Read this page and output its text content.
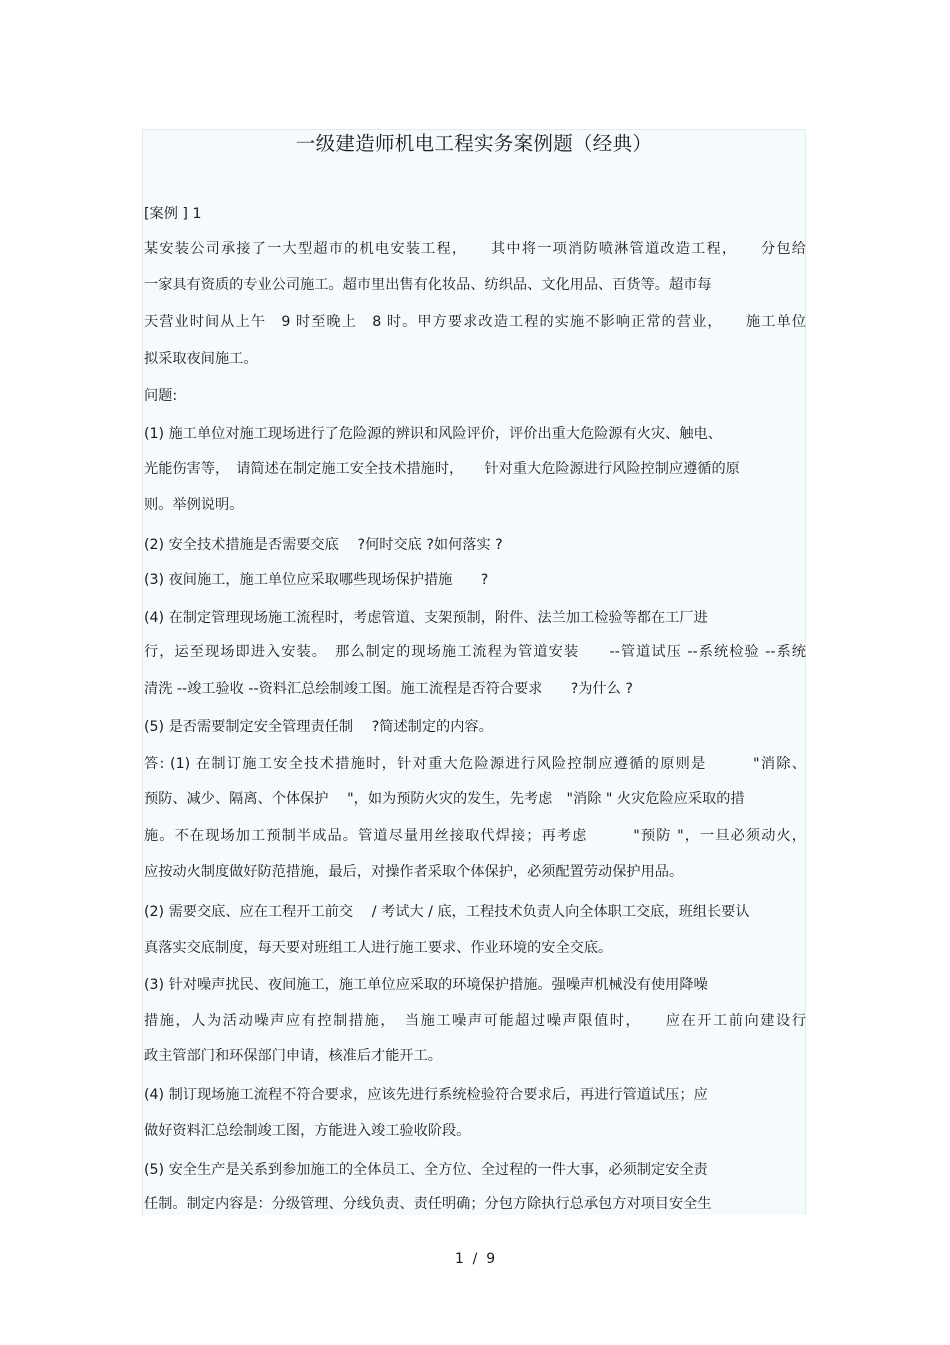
一级建造师机电工程实务案例题（经典）
[案例 ] 1
某安装公司承接了一大型超市的机电安装工程，　　其中将一项消防喷淋管道改造工程，　　分包给
一家具有资质的专业公司施工。超市里出售有化妆品、纺织品、文化用品、百货等。超市每
天营业时间从上午　9 时至晚上　8 时。甲方要求改造工程的实施不影响正常的营业，　　施工单位
拟采取夜间施工。
问题:
(1) 施工单位对施工现场进行了危险源的辨识和风险评价，评价出重大危险源有火灾、触电、
光能伤害等，　请简述在制定施工安全技术措施时，　　针对重大危险源进行风险控制应遵循的原
则。举例说明。
(2) 安全技术措施是否需要交底　 ?何时交底 ?如何落实 ?
(3) 夜间施工，施工单位应采取哪些现场保护措施　　?
(4) 在制定管理现场施工流程时，考虑管道、支架预制，附件、法兰加工检验等都在工厂进
行，运至现场即进入安装。　那么制定的现场施工流程为管道安装　　--管道试压 --系统检验 --系统
清洗 --竣工验收 --资料汇总绘制竣工图。施工流程是否符合要求　　?为什么 ?
(5) 是否需要制定安全管理责任制　 ?简述制定的内容。
答: (1) 在制订施工安全技术措施时，针对重大危险源进行风险控制应遵循的原则是　　　"消除、
预防、减少、隔离、个体保护　 "，如为预防火灾的发生，先考虑　"消除 " 火灾危险应采取的措
施。不在现场加工预制半成品。管道尽量用丝接取代焊接；再考虑　　　"预防 "，一旦必须动火，
应按动火制度做好防范措施，最后，对操作者采取个体保护，必须配置劳动保护用品。
(2) 需要交底、应在工程开工前交　 / 考试大 / 底，工程技术负责人向全体职工交底，班组长要认
真落实交底制度，每天要对班组工人进行施工要求、作业环境的安全交底。
(3) 针对噪声扰民、夜间施工，施工单位应采取的环境保护措施。强噪声机械没有使用降噪
措施，人为活动噪声应有控制措施，　当施工噪声可能超过噪声限值时，　　应在开工前向建设行
政主管部门和环保部门申请，核准后才能开工。
(4) 制订现场施工流程不符合要求，应该先进行系统检验符合要求后，再进行管道试压；应
做好资料汇总绘制竣工图，方能进入竣工验收阶段。
(5) 安全生产是关系到参加施工的全体员工、全方位、全过程的一件大事，必须制定安全责
任制。制定内容是：分级管理、分线负责、责任明确；分包方除执行总承包方对项目安全生
1  /  9
